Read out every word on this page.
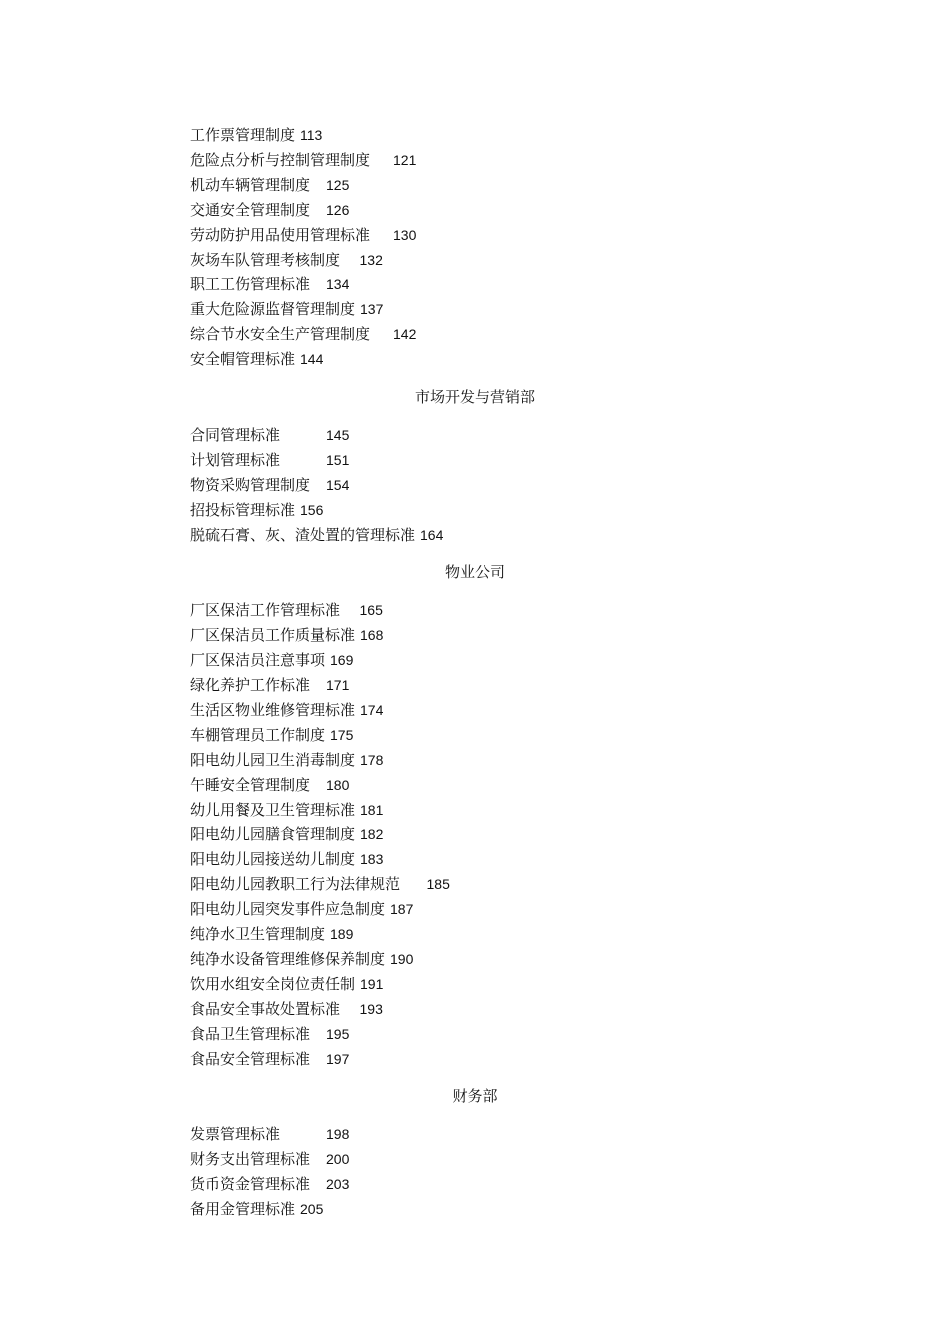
工作票管理制度 113
危险点分析与控制管理制度 121
机动车辆管理制度 125
交通安全管理制度 126
劳动防护用品使用管理标准 130
灰场车队管理考核制度 132
职工工伤管理标准 134
重大危险源监督管理制度 137
综合节水安全生产管理制度 142
安全帽管理标准 144
市场开发与营销部
合同管理标准	145
计划管理标准	151
物资采购管理制度 154
招投标管理标准 156
脱硫石膏、灰、渣处置的管理标准 164
物业公司
厂区保洁工作管理标准 165
厂区保洁员工作质量标准 168
厂区保洁员注意事项 169
绿化养护工作标准 171
生活区物业维修管理标准 174
车棚管理员工作制度 175
阳电幼儿园卫生消毒制度 178
午睡安全管理制度 180
幼儿用餐及卫生管理标准 181
阳电幼儿园膳食管理制度 182
阳电幼儿园接送幼儿制度 183
阳电幼儿园教职工行为法律规范 185
阳电幼儿园突发事件应急制度 187
纯净水卫生管理制度 189
纯净水设备管理维修保养制度 190
饮用水组安全岗位责任制 191
食品安全事故处置标准 193
食品卫生管理标准 195
食品安全管理标准 197
财务部
发票管理标准	198
财务支出管理标准 200
货币资金管理标准 203
备用金管理标准 205
